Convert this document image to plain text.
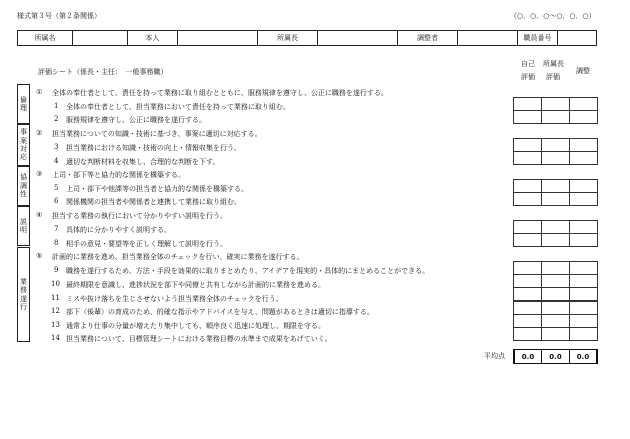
様式第３号（第２条関係）	（○．○．○〜○．○．○）
所属名	本人	所属長	調整者	職員番号
評価シート（係長・主任：　一般事務職）
自己
評価
所属長
評価
調整
倫
理
事
案
対
応
協
調
性
説
明
業
務
遂
行
① 全体の奉仕者として、責任を持って業務に取り組むとともに、服務規律を遵守し、公正に職務を遂行する。
1 全体の奉仕者として、担当業務において責任を持って業務に取り組む。
2 服務規律を遵守し、公正に職務を遂行する。
② 担当業務についての知識・技術に基づき、事案に適切に対応する。
3 担当業務における知識・技術の向上・情報収集を行う。
4 適切な判断材料を収集し、合理的な判断を下す。
③ 上司・部下等と協力的な関係を構築する。
5 上司・部下や他課等の担当者と協力的な関係を構築する。
6 関係機関の担当者や関係者と連携して業務に取り組む。
④ 担当する業務の執行において分かりやすい説明を行う。
7 具体的に分かりやすく説明する。
8 相手の意見・要望等を正しく理解して説明を行う。
⑤ 計画的に業務を進め、担当業務全体のチェックを行い、確実に業務を遂行する。
9 職務を遂行するため、方法・手段を効果的に取りまとめたり、アイデアを現実的・具体的にまとめることができる。
10 最終期限を意識し、進捗状況を部下や同僚と共有しながら計画的に業務を進める。
11 ミスや抜け落ちを生じさせないよう担当業務全体のチェックを行う。
12 部下（後輩）の育成のため、的確な指示やアドバイスを与え、問題があるときは適切に指導する。
13 通常より仕事の分量が増えたり集中しても、順序良く迅速に処理し、期限を守る。
14 担当業務について、目標管理シートにおける業務目標の水準まで成果をあげていく。
平均点	0.0	0.0	0.0
